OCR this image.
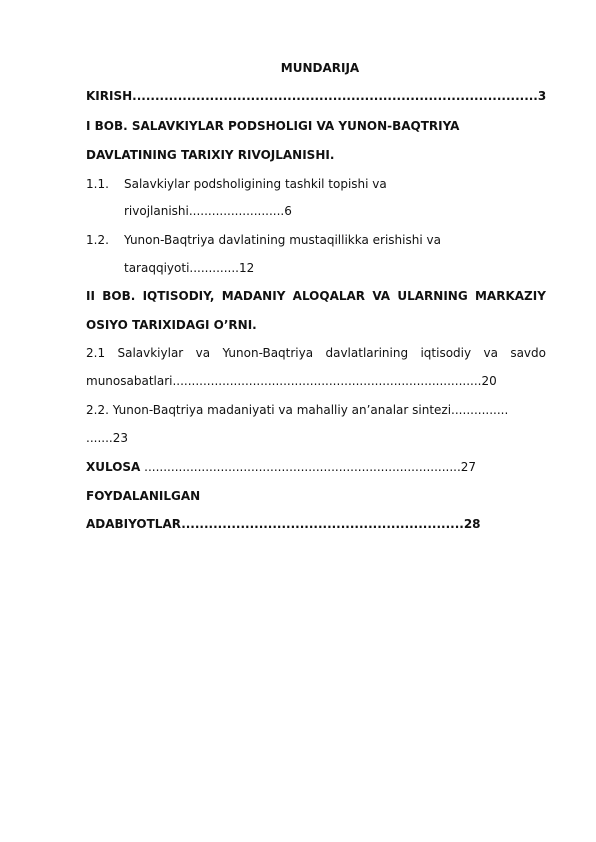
MUNDARIJA
KIRISH.........................................................................................3
I BOB. SALAVKIYLAR PODSHOLIGI VA YUNON-BAQTRIYA
DAVLATINING TARIXIY RIVOJLANISHI.
1.1. Salavkiylar podsholigining tashkil topishi va
rivojlanishi.........................6
1.2. Yunon-Baqtriya davlatining mustaqillikka erishishi va
taraqqiyoti.............12
II BOB. IQTISODIY, MADANIY ALOQALAR VA ULARNING MARKAZIY
OSIYO TARIXIDAGI O’RNI.
2.1 Salavkiylar va Yunon-Baqtriya davlatlarining iqtisodiy va savdo
munosabatlari.................................................................................20
2.2. Yunon-Baqtriya madaniyati va mahalliy an’analar sintezi...............
.......23
XULOSA ...................................................................................27
FOYDALANILGAN
ADABIYOTLAR..............................................................28
